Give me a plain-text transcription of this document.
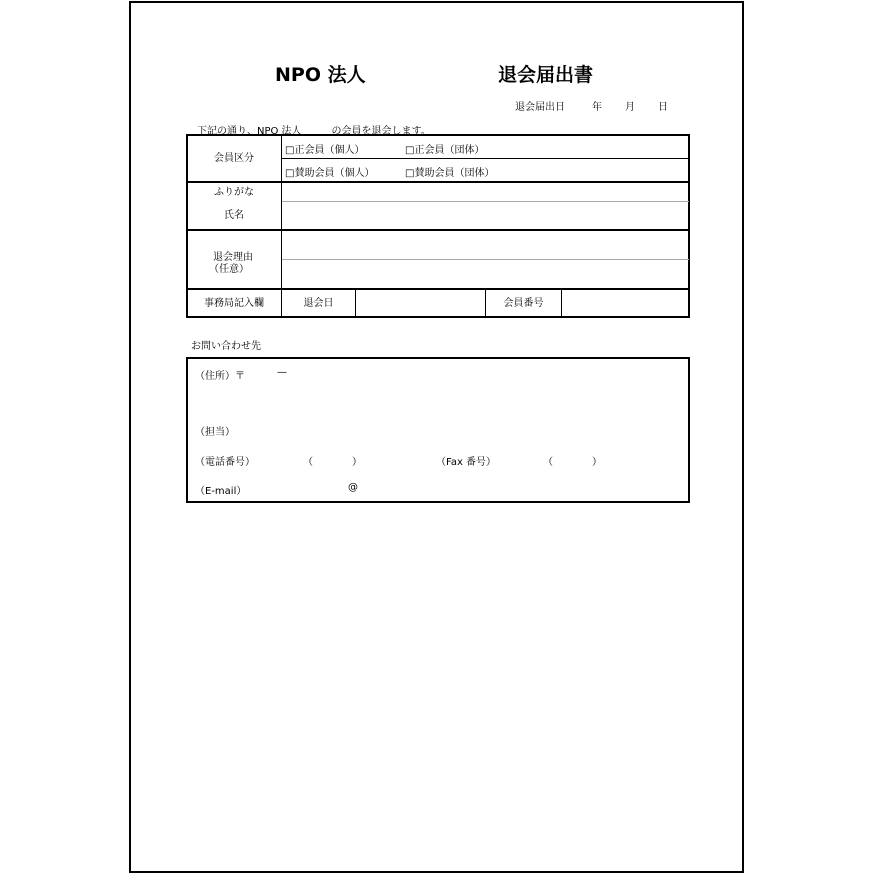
NPO 法人	退会届出書
退会届出日	年 月 日
下記の通り、NPO 法人　　　の会員を退会します。
会員区分
□正会員（個人）	□正会員（団体）
□賛助会員（個人）	□賛助会員（団体）
ふりがな
氏名
退会理由
（任意）
事務局記入欄	退会日	会員番号
お問い合わせ先
（住所）〒	—
（担当）
（電話番号）	（	）	（Fax 番号）	（	）
（E-mail）	@
